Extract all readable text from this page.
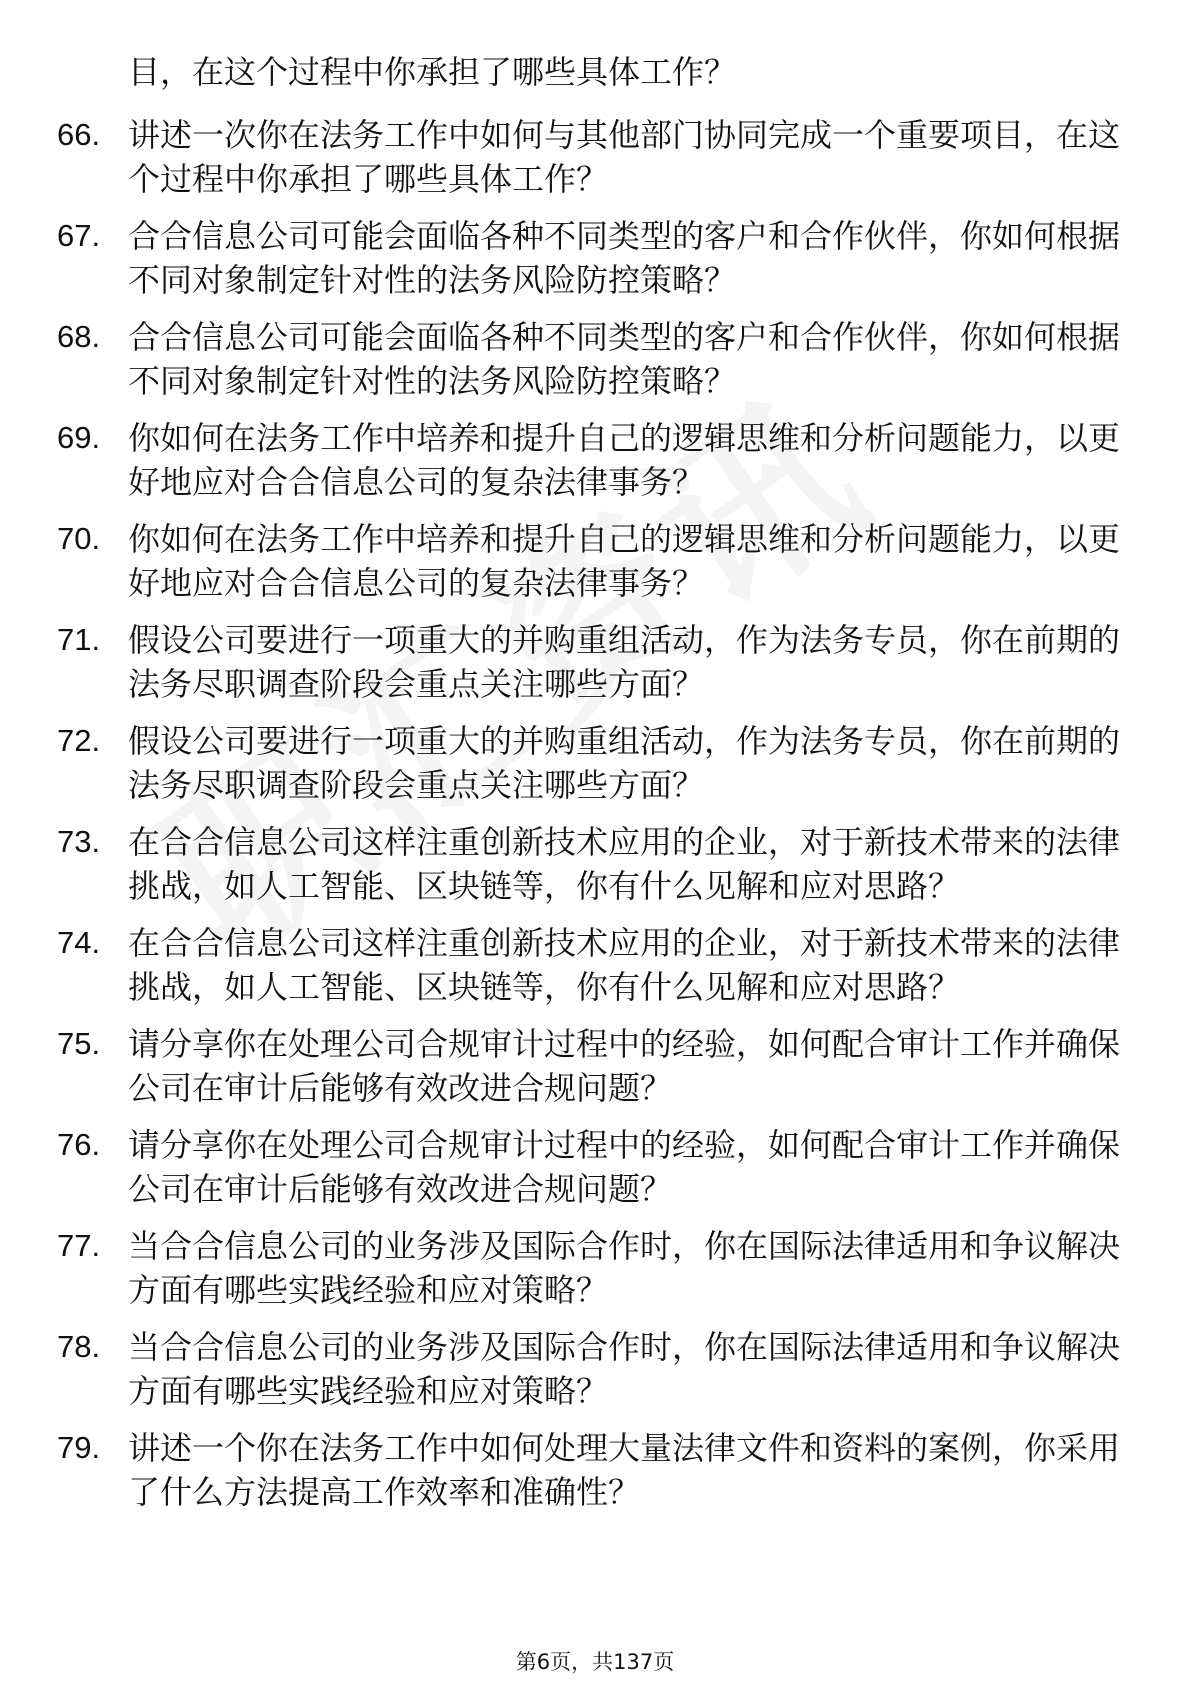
目，在这个过程中你承担了哪些具体工作？
66. 讲述一次你在法务工作中如何与其他部门协同完成一个重要项目，在这个过程中你承担了哪些具体工作？
67. 合合信息公司可能会面临各种不同类型的客户和合作伙伴，你如何根据不同对象制定针对性的法务风险防控策略？
68. 合合信息公司可能会面临各种不同类型的客户和合作伙伴，你如何根据不同对象制定针对性的法务风险防控策略？
69. 你如何在法务工作中培养和提升自己的逻辑思维和分析问题能力，以更好地应对合合信息公司的复杂法律事务？
70. 你如何在法务工作中培养和提升自己的逻辑思维和分析问题能力，以更好地应对合合信息公司的复杂法律事务？
71. 假设公司要进行一项重大的并购重组活动，作为法务专员，你在前期的法务尽职调查阶段会重点关注哪些方面？
72. 假设公司要进行一项重大的并购重组活动，作为法务专员，你在前期的法务尽职调查阶段会重点关注哪些方面？
73. 在合合信息公司这样注重创新技术应用的企业，对于新技术带来的法律挑战，如人工智能、区块链等，你有什么见解和应对思路？
74. 在合合信息公司这样注重创新技术应用的企业，对于新技术带来的法律挑战，如人工智能、区块链等，你有什么见解和应对思路？
75. 请分享你在处理公司合规审计过程中的经验，如何配合审计工作并确保公司在审计后能够有效改进合规问题？
76. 请分享你在处理公司合规审计过程中的经验，如何配合审计工作并确保公司在审计后能够有效改进合规问题？
77. 当合合信息公司的业务涉及国际合作时，你在国际法律适用和争议解决方面有哪些实践经验和应对策略？
78. 当合合信息公司的业务涉及国际合作时，你在国际法律适用和争议解决方面有哪些实践经验和应对策略？
79. 讲述一个你在法务工作中如何处理大量法律文件和资料的案例，你采用了什么方法提高工作效率和准确性？
第6页，共137页
